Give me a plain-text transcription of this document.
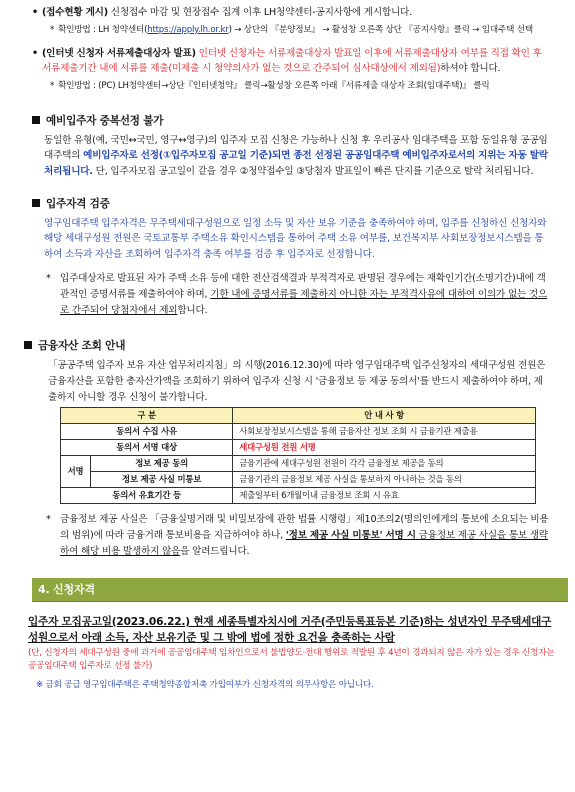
• (접수현황 게시) 신청접수 마감 및 현장접수 집계 이후 LH청약센터-공지사항에 게시합니다.
* 확인방법 : LH 청약센터(https://apply.lh.or.kr) → 상단의 『분양정보』 → 활성창 오른쪽 상단 『공지사항』클릭 → 임대주택 선택
• (인터넷 신청자 서류제출대상자 발표) 인터넷 신청자는 서류제출대상자 발표일 이후에 서류제출대상자 여부를 직접 확인 후 서류제출기간 내에 서류를 제출(미제출 시 청약의사가 없는 것으로 간주되어 심사대상에서 제외됨)하셔야 합니다.
* 확인방법 : (PC) LH청약센터→상단『인터넷청약』 클릭→활성창 오른쪽 아래『서류제출 대상자 조회(임대주택)』 클릭
예비입주자 중복선정 불가
동일한 유형(예, 국민↔국민, 영구↔영구)의 입주자 모집 신청은 가능하나 신청 후 우리공사 임대주택을 포함 동일유형 공공임대주택의 예비입주자로 선정(①입주자모집 공고일 기준)되면 종전 선정된 공공임대주택 예비입주자로서의 지위는 자동 탈락 처리됩니다. 단, 입주자모집 공고일이 같을 경우 ②청약접수일 ③당첨자 발표일이 빠른 단지를 기준으로 탈락 처리됩니다.
입주자격 검증
영구임대주택 입주자격은 무주택세대구성원으로 일정 소득 및 자산 보유 기준을 충족하여야 하며, 입주를 신청하신 신청자와 해당 세대구성원 전원은 국토교통부 주택소유 확인시스템을 통하여 주택 소유 여부를, 보건복지부 사회보장정보시스템을 통하여 소득과 자산을 조회하여 입주자격 충족 여부를 검증 후 입주자로 선정합니다.
* 입주대상자로 발표된 자가 주택 소유 등에 대한 전산검색결과 부적격자로 판명된 경우에는 재확인기간(소명기간)내에 객관적인 증명서류를 제출하여야 하며, 기한 내에 증명서류를 제출하지 아니한 자는 부적격사유에 대하여 이의가 없는 것으로 간주되어 당첨자에서 제외합니다.
금융자산 조회 안내
「공공주택 입주자 보유 자산 업무처리지침」의 시행(2016.12.30)에 따라 영구임대주택 입주신청자의 세대구성원 전원은 금융자산을 포함한 총자산가액을 조회하기 위하여 입주자 신청 시 '금융정보 등 제공 동의서'를 반드시 제출하여야 하며, 제출하지 아니할 경우 신청이 불가합니다.
구 분		안 내 사 항
동의서 수집 사유		사회보장정보시스템을 통해 금융자산 정보 조회 시 금융기관 제출용
동의서 서명 대상		세대구성원 전원 서명
서명	정보 제공 동의	금융기관에 세대구성원 전원이 각각 금융정보 제공을 동의
	정보 제공 사실 미통보	금융기관의 금융정보 제공 사실을 통보하지 아니하는 것을 동의
동의서 유효기간 등		제출일부터 6개월이내 금융정보 조회 시 유효
* 금융정보 제공 사실은 「금융실명거래 및 비밀보장에 관한 법률 시행령」제10조의2(명의인에게의 통보에 소요되는 비용의 범위)에 따라 금융거래 통보비용을 지급하여야 하나, '정보 제공 사실 미통보' 서명 시 금융정보 제공 사실을 통보 생략하여 해당 비용 발생하지 않음을 알려드립니다.
4. 신청자격
입주자 모집공고일(2023.06.22.) 현재 세종특별자치시에 거주(주민등록표등본 기준)하는 성년자인 무주택세대구성원으로서 아래 소득, 자산 보유기준 및 그 밖에 법에 정한 요건을 충족하는 사람
(단, 신청자의 세대구성원 중에 과거에 공공임대주택 임차인으로서 불법양도·전대 행위로 적발된 후 4년이 경과되지 않은 자가 있는 경우 신청자는 공공임대주택 입주자로 선정 불가)
※ 금회 공급 영구임대주택은 주택청약종합저축 가입여부가 신청자격의 의무사항은 아닙니다.
